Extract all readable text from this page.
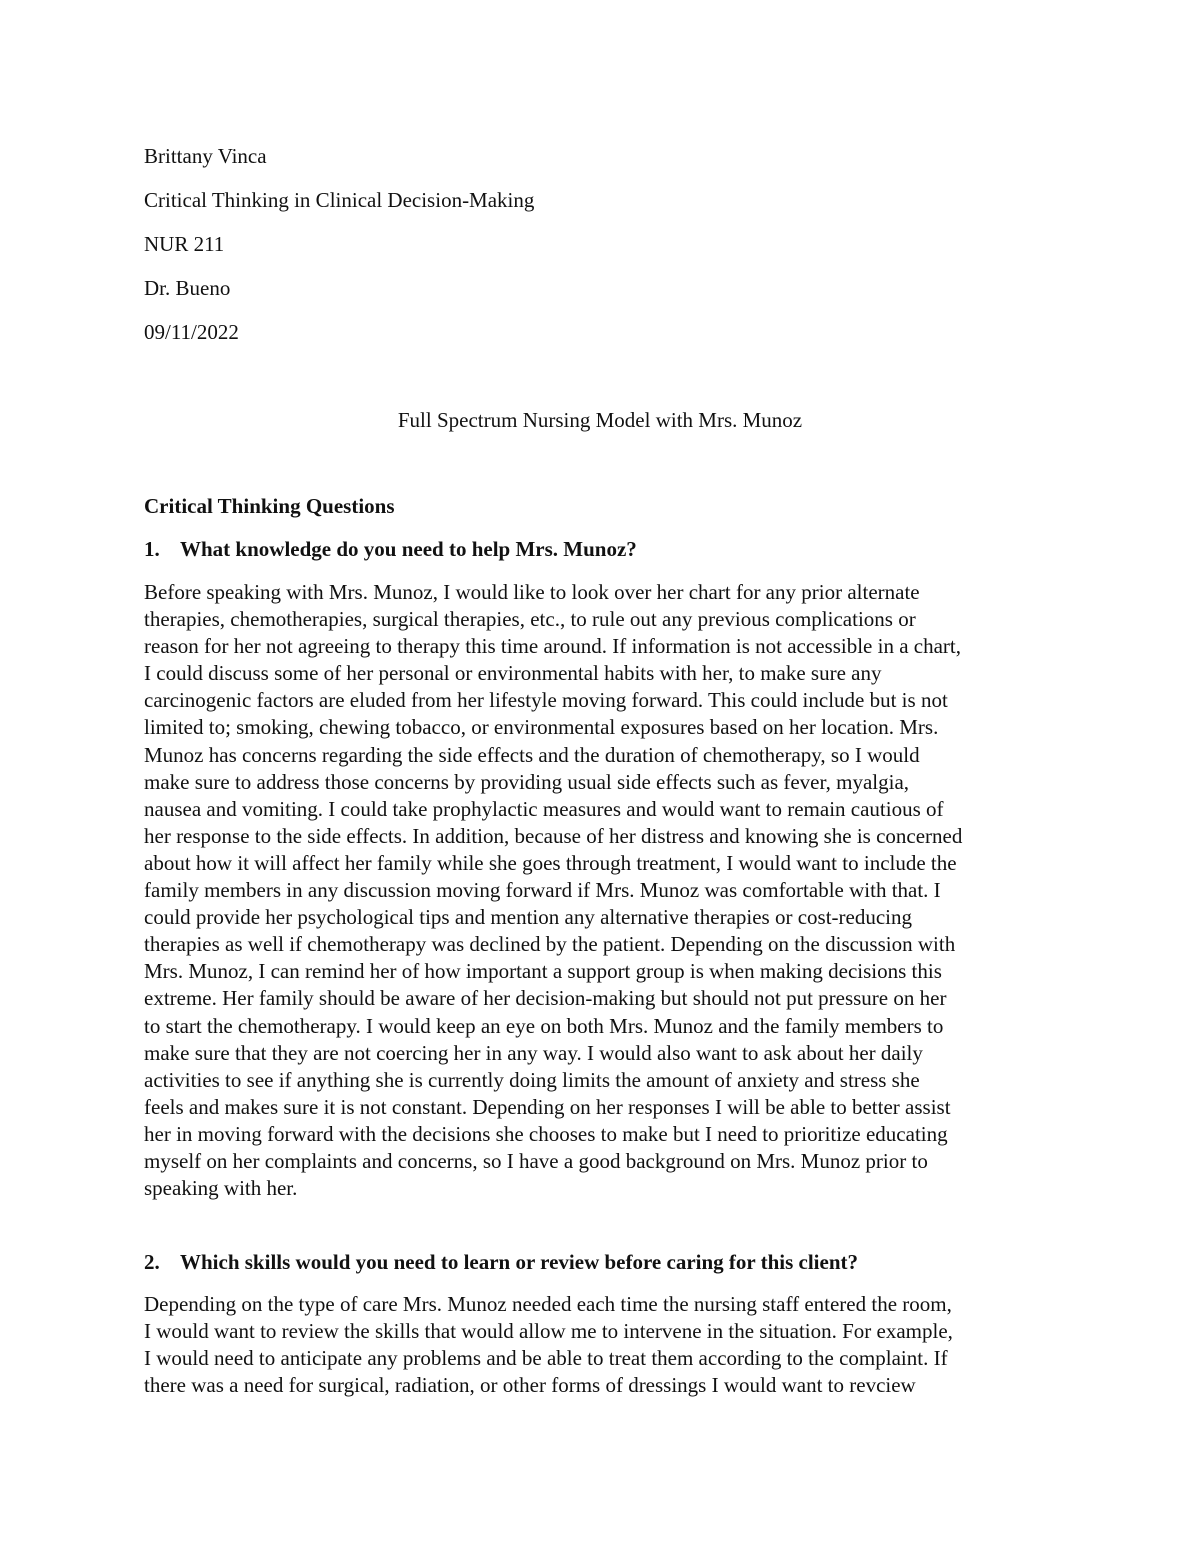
Brittany Vinca
Critical Thinking in Clinical Decision-Making
NUR 211
Dr. Bueno
09/11/2022
Full Spectrum Nursing Model with Mrs. Munoz
Critical Thinking Questions
1. What knowledge do you need to help Mrs. Munoz?
Before speaking with Mrs. Munoz, I would like to look over her chart for any prior alternate
therapies, chemotherapies, surgical therapies, etc., to rule out any previous complications or
reason for her not agreeing to therapy this time around. If information is not accessible in a chart,
I could discuss some of her personal or environmental habits with her, to make sure any
carcinogenic factors are eluded from her lifestyle moving forward. This could include but is not
limited to; smoking, chewing tobacco, or environmental exposures based on her location. Mrs.
Munoz has concerns regarding the side effects and the duration of chemotherapy, so I would
make sure to address those concerns by providing usual side effects such as fever, myalgia,
nausea and vomiting. I could take prophylactic measures and would want to remain cautious of
her response to the side effects. In addition, because of her distress and knowing she is concerned
about how it will affect her family while she goes through treatment, I would want to include the
family members in any discussion moving forward if Mrs. Munoz was comfortable with that. I
could provide her psychological tips and mention any alternative therapies or cost-reducing
therapies as well if chemotherapy was declined by the patient. Depending on the discussion with
Mrs. Munoz, I can remind her of how important a support group is when making decisions this
extreme. Her family should be aware of her decision-making but should not put pressure on her
to start the chemotherapy. I would keep an eye on both Mrs. Munoz and the family members to
make sure that they are not coercing her in any way. I would also want to ask about her daily
activities to see if anything she is currently doing limits the amount of anxiety and stress she
feels and makes sure it is not constant. Depending on her responses I will be able to better assist
her in moving forward with the decisions she chooses to make but I need to prioritize educating
myself on her complaints and concerns, so I have a good background on Mrs. Munoz prior to
speaking with her.
2. Which skills would you need to learn or review before caring for this client?
Depending on the type of care Mrs. Munoz needed each time the nursing staff entered the room,
I would want to review the skills that would allow me to intervene in the situation. For example,
I would need to anticipate any problems and be able to treat them according to the complaint. If
there was a need for surgical, radiation, or other forms of dressings I would want to revciew
